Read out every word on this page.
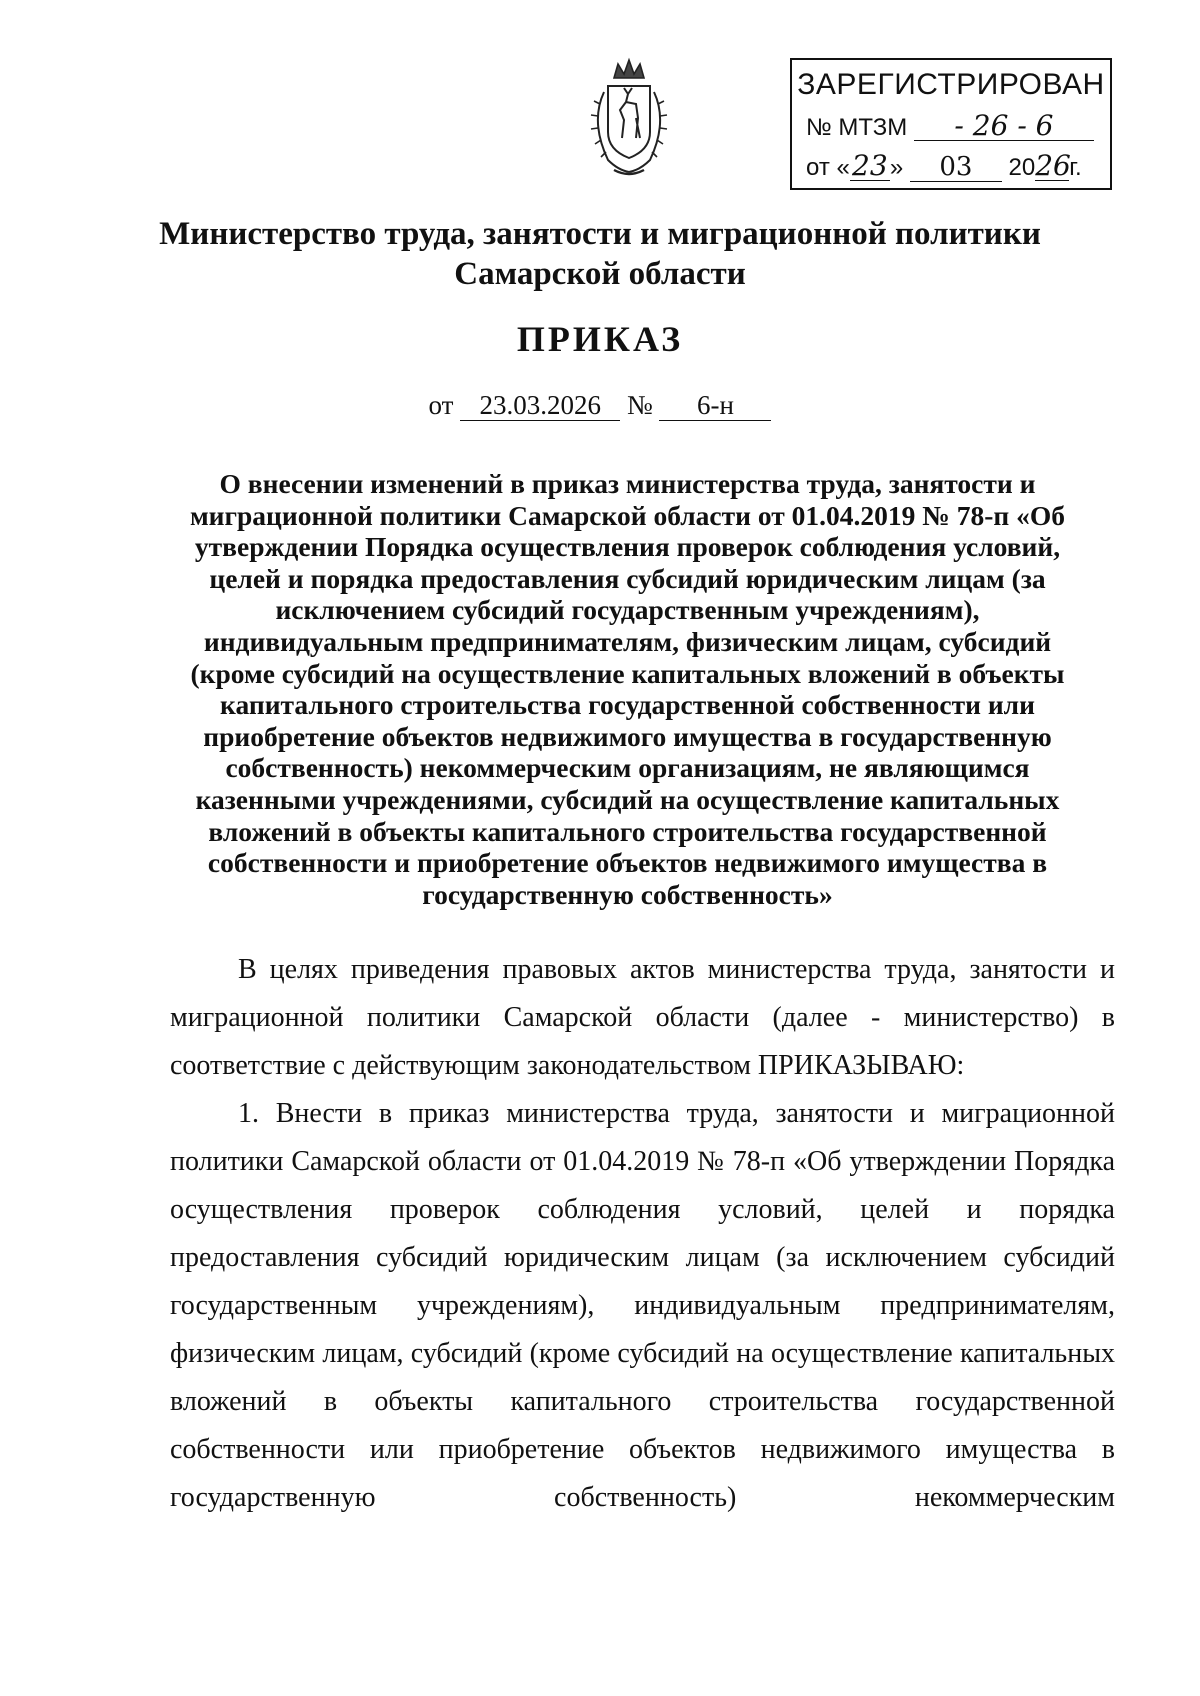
ЗАРЕГИСТРИРОВАН
№ МТЗМ - 26 - 6
от «23» 03 2026г.
Министерство труда, занятости и миграционной политики
Самарской области
ПРИКАЗ
от 23.03.2026 № 6-н
О внесении изменений в приказ министерства труда, занятости и миграционной политики Самарской области от 01.04.2019 № 78-п «Об утверждении Порядка осуществления проверок соблюдения условий, целей и порядка предоставления субсидий юридическим лицам (за исключением субсидий государственным учреждениям), индивидуальным предпринимателям, физическим лицам, субсидий (кроме субсидий на осуществление капитальных вложений в объекты капитального строительства государственной собственности или приобретение объектов недвижимого имущества в государственную собственность) некоммерческим организациям, не являющимся казенными учреждениями, субсидий на осуществление капитальных вложений в объекты капитального строительства государственной собственности и приобретение объектов недвижимого имущества в государственную собственность»

В целях приведения правовых актов министерства труда, занятости и миграционной политики Самарской области (далее - министерство) в соответствие с действующим законодательством ПРИКАЗЫВАЮ:

1. Внести в приказ министерства труда, занятости и миграционной политики Самарской области от 01.04.2019 № 78-п «Об утверждении Порядка осуществления проверок соблюдения условий, целей и порядка предоставления субсидий юридическим лицам (за исключением субсидий государственным учреждениям), индивидуальным предпринимателям, физическим лицам, субсидий (кроме субсидий на осуществление капитальных вложений в объекты капитального строительства государственной собственности или приобретение объектов недвижимого имущества в государственную собственность) некоммерческим
